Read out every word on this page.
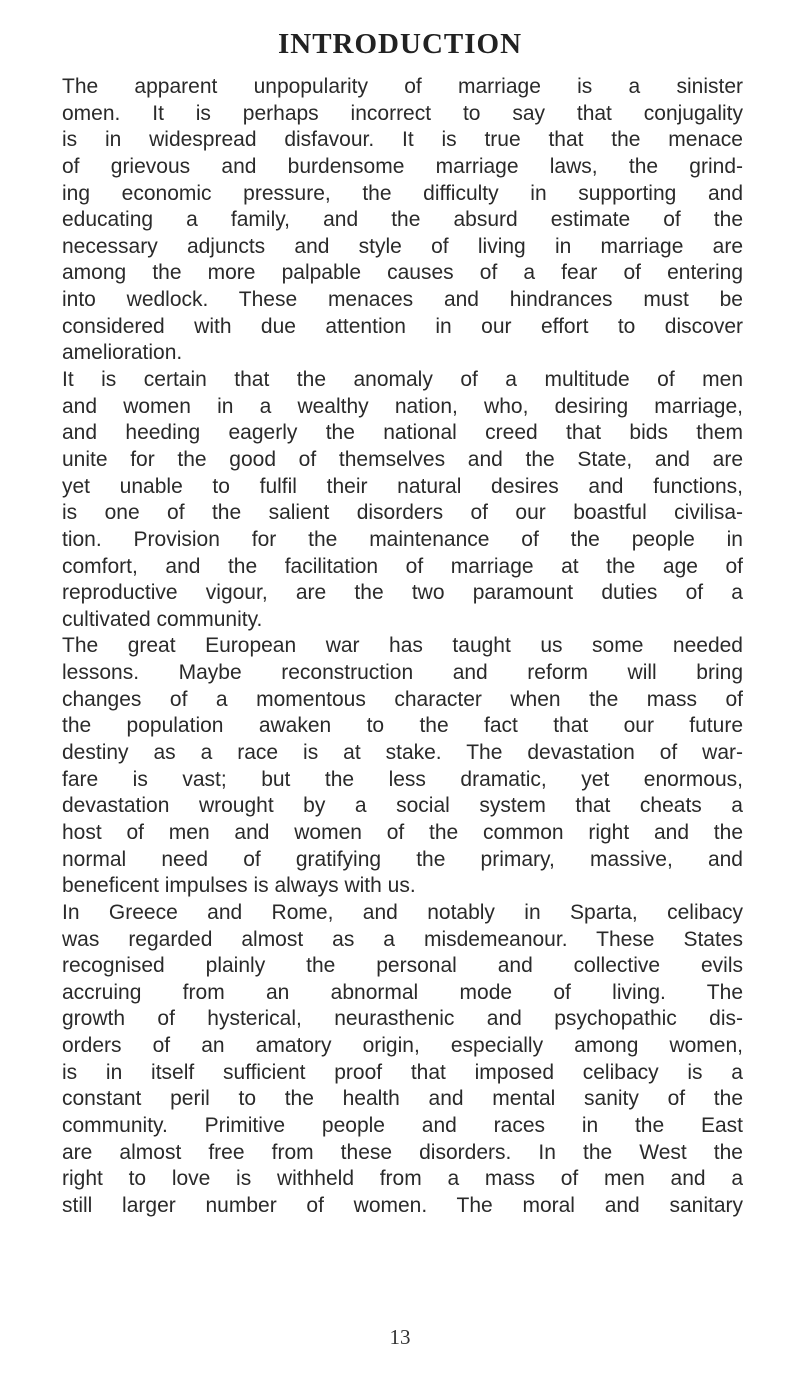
INTRODUCTION
The apparent unpopularity of marriage is a sinister
omen. It is perhaps incorrect to say that conjugality
is in widespread disfavour. It is true that the menace
of grievous and burdensome marriage laws, the grind-
ing economic pressure, the difficulty in supporting and
educating a family, and the absurd estimate of the
necessary adjuncts and style of living in marriage are
among the more palpable causes of a fear of entering
into wedlock. These menaces and hindrances must be
considered with due attention in our effort to discover
amelioration.
It is certain that the anomaly of a multitude of men
and women in a wealthy nation, who, desiring marriage,
and heeding eagerly the national creed that bids them
unite for the good of themselves and the State, and are
yet unable to fulfil their natural desires and functions,
is one of the salient disorders of our boastful civilisa-
tion. Provision for the maintenance of the people in
comfort, and the facilitation of marriage at the age of
reproductive vigour, are the two paramount duties of a
cultivated community.
The great European war has taught us some needed
lessons. Maybe reconstruction and reform will bring
changes of a momentous character when the mass of
the population awaken to the fact that our future
destiny as a race is at stake. The devastation of war-
fare is vast; but the less dramatic, yet enormous,
devastation wrought by a social system that cheats a
host of men and women of the common right and the
normal need of gratifying the primary, massive, and
beneficent impulses is always with us.
In Greece and Rome, and notably in Sparta, celibacy
was regarded almost as a misdemeanour. These States
recognised plainly the personal and collective evils
accruing from an abnormal mode of living. The
growth of hysterical, neurasthenic and psychopathic dis-
orders of an amatory origin, especially among women,
is in itself sufficient proof that imposed celibacy is a
constant peril to the health and mental sanity of the
community. Primitive people and races in the East
are almost free from these disorders. In the West the
right to love is withheld from a mass of men and a
still larger number of women. The moral and sanitary
13
